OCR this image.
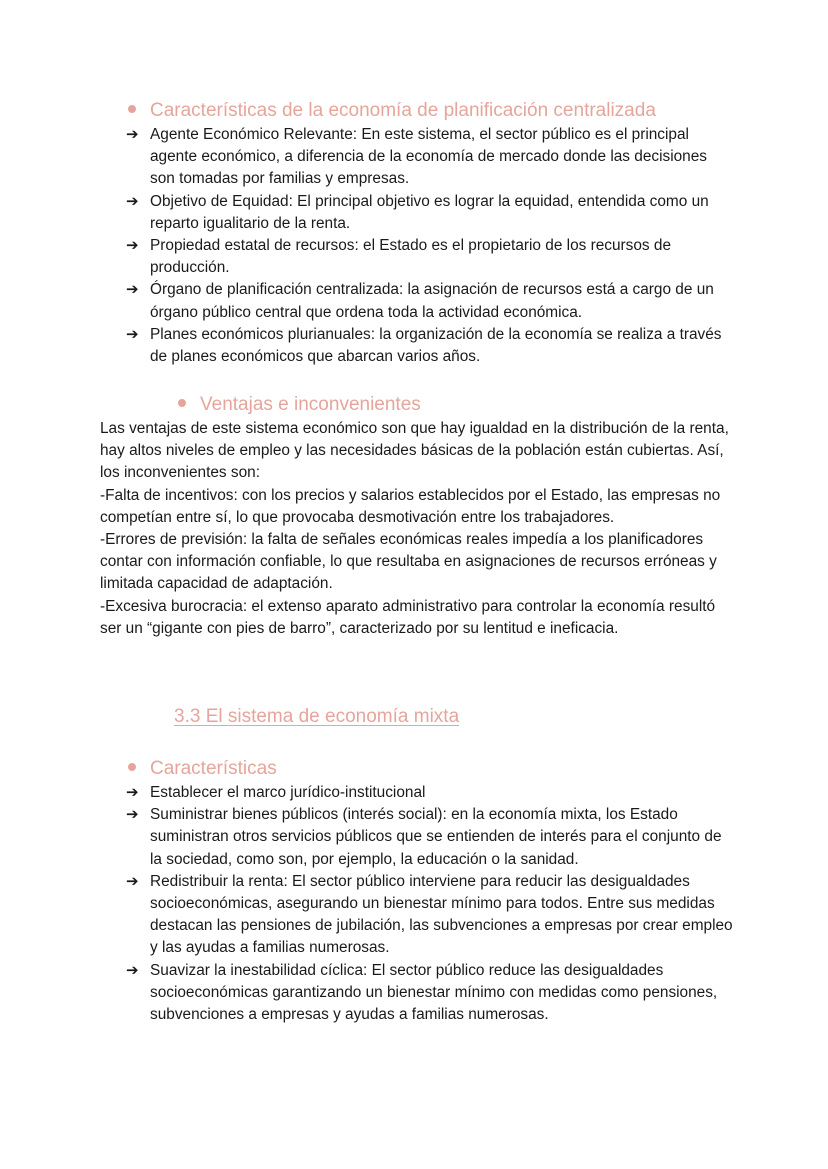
Características de la economía de planificación centralizada
➔ Agente Económico Relevante: En este sistema, el sector público es el principal agente económico, a diferencia de la economía de mercado donde las decisiones son tomadas por familias y empresas.
➔ Objetivo de Equidad: El principal objetivo es lograr la equidad, entendida como un reparto igualitario de la renta.
➔ Propiedad estatal de recursos: el Estado es el propietario de los recursos de producción.
➔ Órgano de planificación centralizada: la asignación de recursos está a cargo de un órgano público central que ordena toda la actividad económica.
➔ Planes económicos plurianuales: la organización de la economía se realiza a través de planes económicos que abarcan varios años.
Ventajas e inconvenientes
Las ventajas de este sistema económico son que hay igualdad en la distribución de la renta, hay altos niveles de empleo y las necesidades básicas de la población están cubiertas. Así, los inconvenientes son:
-Falta de incentivos: con los precios y salarios establecidos por el Estado, las empresas no competían entre sí, lo que provocaba desmotivación entre los trabajadores.
-Errores de previsión: la falta de señales económicas reales impedía a los planificadores contar con información confiable, lo que resultaba en asignaciones de recursos erróneas y limitada capacidad de adaptación.
-Excesiva burocracia: el extenso aparato administrativo para controlar la economía resultó ser un “gigante con pies de barro”, caracterizado por su lentitud e ineficacia.
3.3 El sistema de economía mixta
Características
➔ Establecer el marco jurídico-institucional
➔ Suministrar bienes públicos (interés social): en la economía mixta, los Estado suministran otros servicios públicos que se entienden de interés para el conjunto de la sociedad, como son, por ejemplo, la educación o la sanidad.
➔ Redistribuir la renta: El sector público interviene para reducir las desigualdades socioeconómicas, asegurando un bienestar mínimo para todos. Entre sus medidas destacan las pensiones de jubilación, las subvenciones a empresas por crear empleo y las ayudas a familias numerosas.
➔ Suavizar la inestabilidad cíclica: El sector público reduce las desigualdades socioeconómicas garantizando un bienestar mínimo con medidas como pensiones, subvenciones a empresas y ayudas a familias numerosas.
